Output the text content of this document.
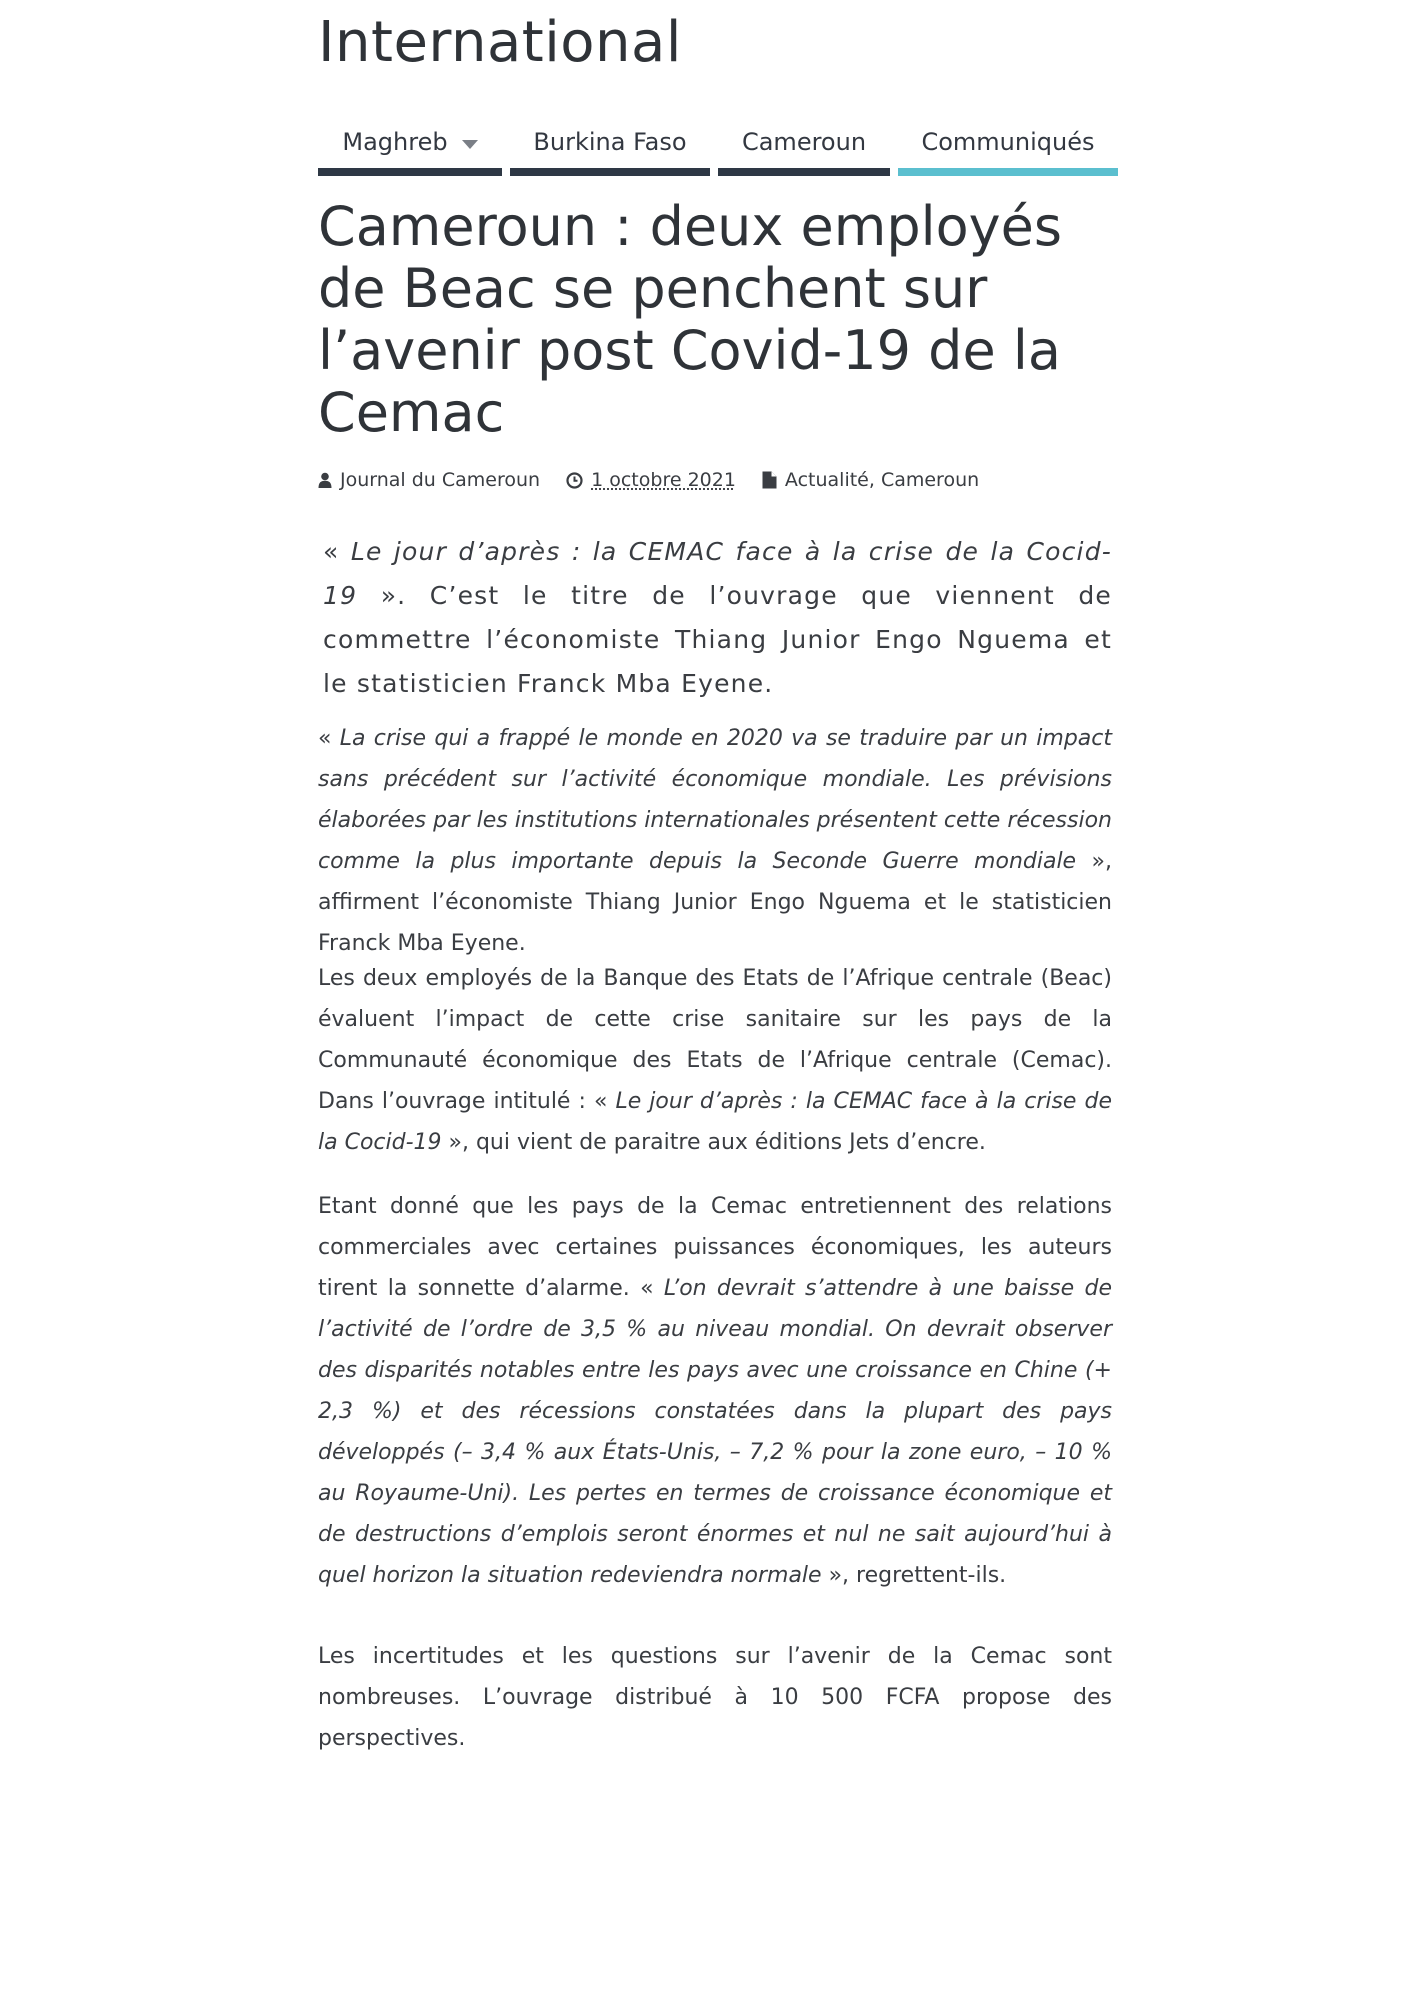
International
Maghreb	Burkina Faso Cameroun Communiqués
Cameroun : deux employés de Beac se penchent sur l’avenir post Covid-19 de la Cemac
Journal du Cameroun	1 octobre 2021	Actualité, Cameroun

« Le jour d’après : la CEMAC face à la crise de la Cocid-19 ». C’est le titre de l’ouvrage que viennent de commettre l’économiste Thiang Junior Engo Nguema et le statisticien Franck Mba Eyene.

« La crise qui a frappé le monde en 2020 va se traduire par un impact sans précédent sur l’activité économique mondiale. Les prévisions élaborées par les institutions internationales présentent cette récession comme la plus importante depuis la Seconde Guerre mondiale », affirment l’économiste Thiang Junior Engo Nguema et le statisticien Franck Mba Eyene.

Les deux employés de la Banque des Etats de l’Afrique centrale (Beac) évaluent l’impact de cette crise sanitaire sur les pays de la Communauté économique des Etats de l’Afrique centrale (Cemac). Dans l’ouvrage intitulé : « Le jour d’après : la CEMAC face à la crise de la Cocid-19 », qui vient de paraitre aux éditions Jets d’encre.

Etant donné que les pays de la Cemac entretiennent des relations commerciales avec certaines puissances économiques, les auteurs tirent la sonnette d’alarme. « L’on devrait s’attendre à une baisse de l’activité de l’ordre de 3,5 % au niveau mondial. On devrait observer des disparités notables entre les pays avec une croissance en Chine (+ 2,3 %) et des récessions constatées dans la plupart des pays développés (– 3,4 % aux États-Unis, – 7,2 % pour la zone euro, – 10 % au Royaume-Uni). Les pertes en termes de croissance économique et de destructions d’emplois seront énormes et nul ne sait aujourd’hui à quel horizon la situation redeviendra normale », regrettent-ils.

Les incertitudes et les questions sur l’avenir de la Cemac sont nombreuses. L’ouvrage distribué à 10 500 FCFA propose des perspectives.
